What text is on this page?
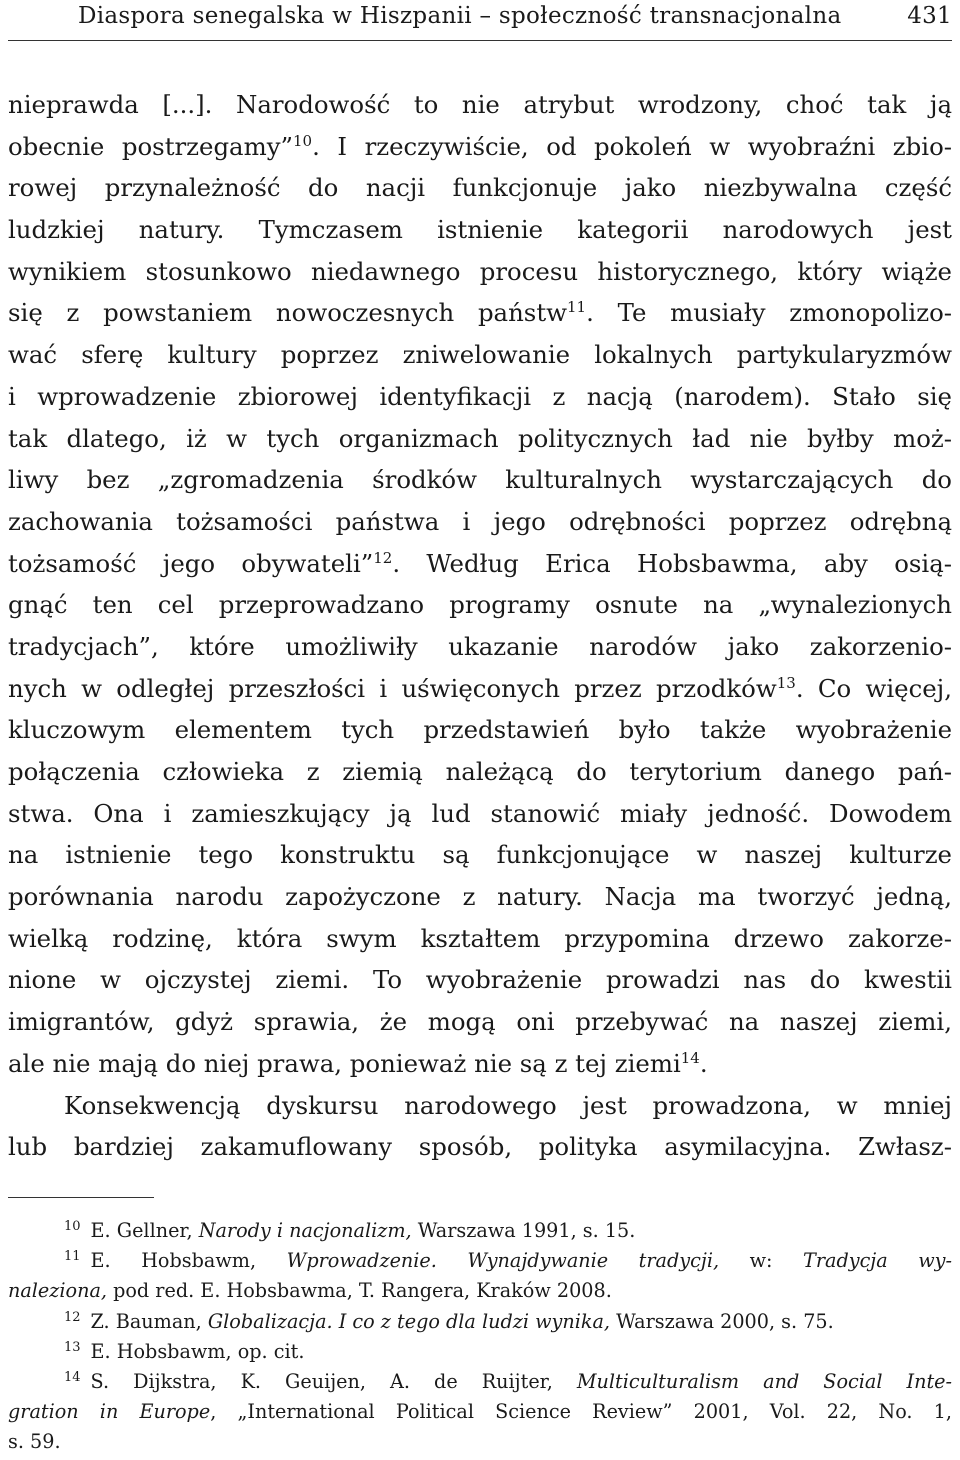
Diaspora senegalska w Hiszpanii – społeczność transnacjonalna	431
nieprawda [...]. Narodowość to nie atrybut wrodzony, choć tak ją
obecnie postrzegamy”$^{10}$. I rzeczywiście, od pokoleń w wyobraźni zbio-
rowej przynależność do nacji funkcjonuje jako niezbywalna część
ludzkiej natury. Tymczasem istnienie kategorii narodowych jest
wynikiem stosunkowo niedawnego procesu historycznego, który wiąże
się z powstaniem nowoczesnych państw$^{11}$. Te musiały zmonopolizo-
wać sferę kultury poprzez zniwelowanie lokalnych partykularyzmów
i wprowadzenie zbiorowej identyfikacji z nacją (narodem). Stało się
tak dlatego, iż w tych organizmach politycznych ład nie byłby moż-
liwy bez „zgromadzenia środków kulturalnych wystarczających do
zachowania tożsamości państwa i jego odrębności poprzez odrębną
tożsamość jego obywateli”$^{12}$. Według Erica Hobsbawma, aby osią-
gnąć ten cel przeprowadzano programy osnute na „wynalezionych
tradycjach”, które umożliwiły ukazanie narodów jako zakorzenio-
nych w odległej przeszłości i uświęconych przez przodków$^{13}$. Co więcej,
kluczowym elementem tych przedstawień było także wyobrażenie
połączenia człowieka z ziemią należącą do terytorium danego pań-
stwa. Ona i zamieszkujący ją lud stanowić miały jedność. Dowodem
na istnienie tego konstruktu są funkcjonujące w naszej kulturze
porównania narodu zapożyczone z natury. Nacja ma tworzyć jedną,
wielką rodzinę, która swym kształtem przypomina drzewo zakorze-
nione w ojczystej ziemi. To wyobrażenie prowadzi nas do kwestii
imigrantów, gdyż sprawia, że mogą oni przebywać na naszej ziemi,
ale nie mają do niej prawa, ponieważ nie są z tej ziemi$^{14}$.
Konsekwencją dyskursu narodowego jest prowadzona, w mniej
lub bardziej zakamuflowany sposób, polityka asymilacyjna. Zwłasz-
$^{10}$ E. Gellner, Narody i nacjonalizm, Warszawa 1991, s. 15.
$^{11}$ E. Hobsbawm, Wprowadzenie. Wynajdywanie tradycji, w: Tradycja wy-
nalezionа, pod red. E. Hobsbawma, T. Rangera, Kraków 2008.
$^{12}$ Z. Bauman, Globalizacja. I co z tego dla ludzi wynika, Warszawa 2000, s. 75.
$^{13}$ E. Hobsbawm, op. cit.
$^{14}$ S. Dijkstra, K. Geuijen, A. de Ruijter, Multiculturalism and Social Inte-
gration in Europe, „International Political Science Review” 2001, Vol. 22, No. 1,
s. 59.
